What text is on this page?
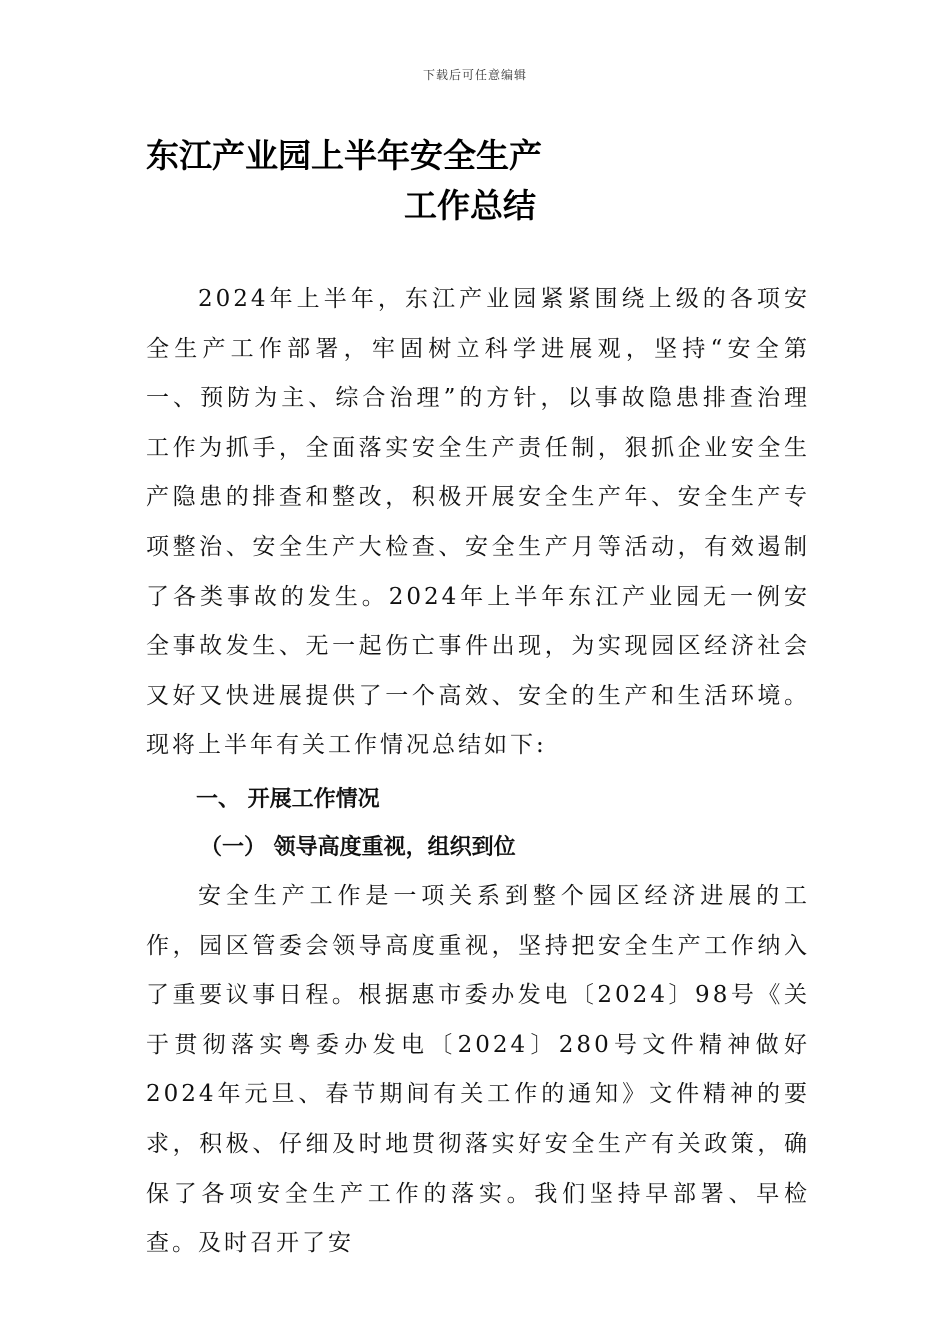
下载后可任意编辑
东江产业园上半年安全生产
工作总结

2024年上半年，东江产业园紧紧围绕上级的各项安全生产工作部署，牢固树立科学进展观，坚持“安全第一、预防为主、综合治理”的方针，以事故隐患排查治理工作为抓手，全面落实安全生产责任制，狠抓企业安全生产隐患的排查和整改，积极开展安全生产年、安全生产专项整治、安全生产大检查、安全生产月等活动，有效遏制了各类事故的发生。2024年上半年东江产业园无一例安全事故发生、无一起伤亡事件出现，为实现园区经济社会又好又快进展提供了一个高效、安全的生产和生活环境。现将上半年有关工作情况总结如下:

一、 开展工作情况
（一） 领导高度重视，组织到位

安全生产工作是一项关系到整个园区经济进展的工作，园区管委会领导高度重视，坚持把安全生产工作纳入了重要议事日程。根据惠市委办发电〔2024〕98号《关于贯彻落实粤委办发电〔2024〕280号文件精神做好2024年元旦、春节期间有关工作的通知》文件精神的要求，积极、仔细及时地贯彻落实好安全生产有关政策，确保了各项安全生产工作的落实。我们坚持早部署、早检查。及时召开了安
